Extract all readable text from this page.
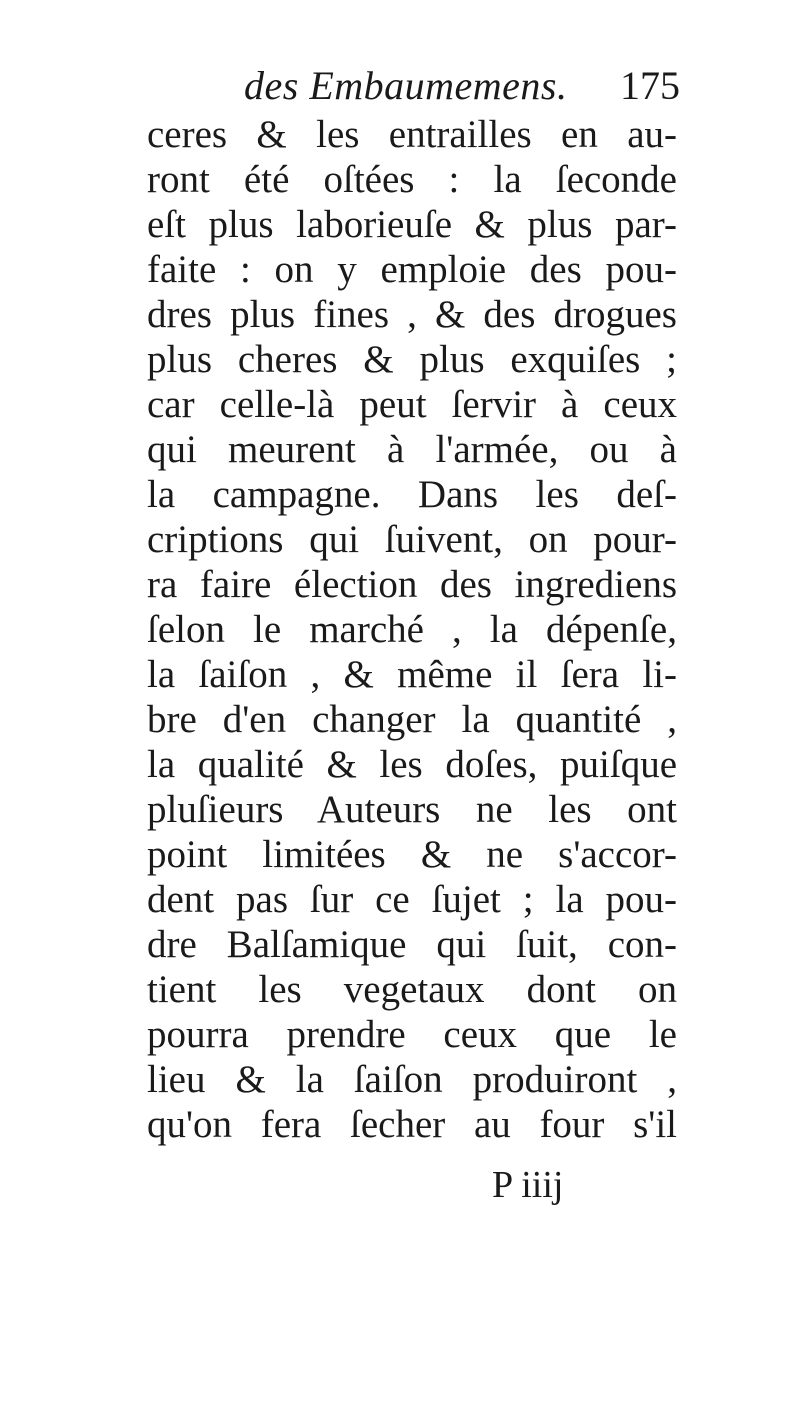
des Embaumemens. 175
ceres & les entrailles en au-
ront été oſtées : la ſeconde
eſt plus laborieuſe & plus par-
faite : on y emploie des pou-
dres plus fines , & des drogues
plus cheres & plus exquiſes ;
car celle-là peut ſervir à ceux
qui meurent à l'armée, ou à
la campagne. Dans les deſ-
criptions qui ſuivent, on pour-
ra faire élection des ingrediens
ſelon le marché , la dépenſe,
la ſaiſon , & même il ſera li-
bre d'en changer la quantité ,
la qualité & les doſes, puiſque
pluſieurs Auteurs ne les ont
point limitées & ne s'accor-
dent pas ſur ce ſujet ; la pou-
dre Balſamique qui ſuit, con-
tient les vegetaux dont on
pourra prendre ceux que le
lieu & la ſaiſon produiront ,
qu'on fera ſecher au four s'il
P iiij
